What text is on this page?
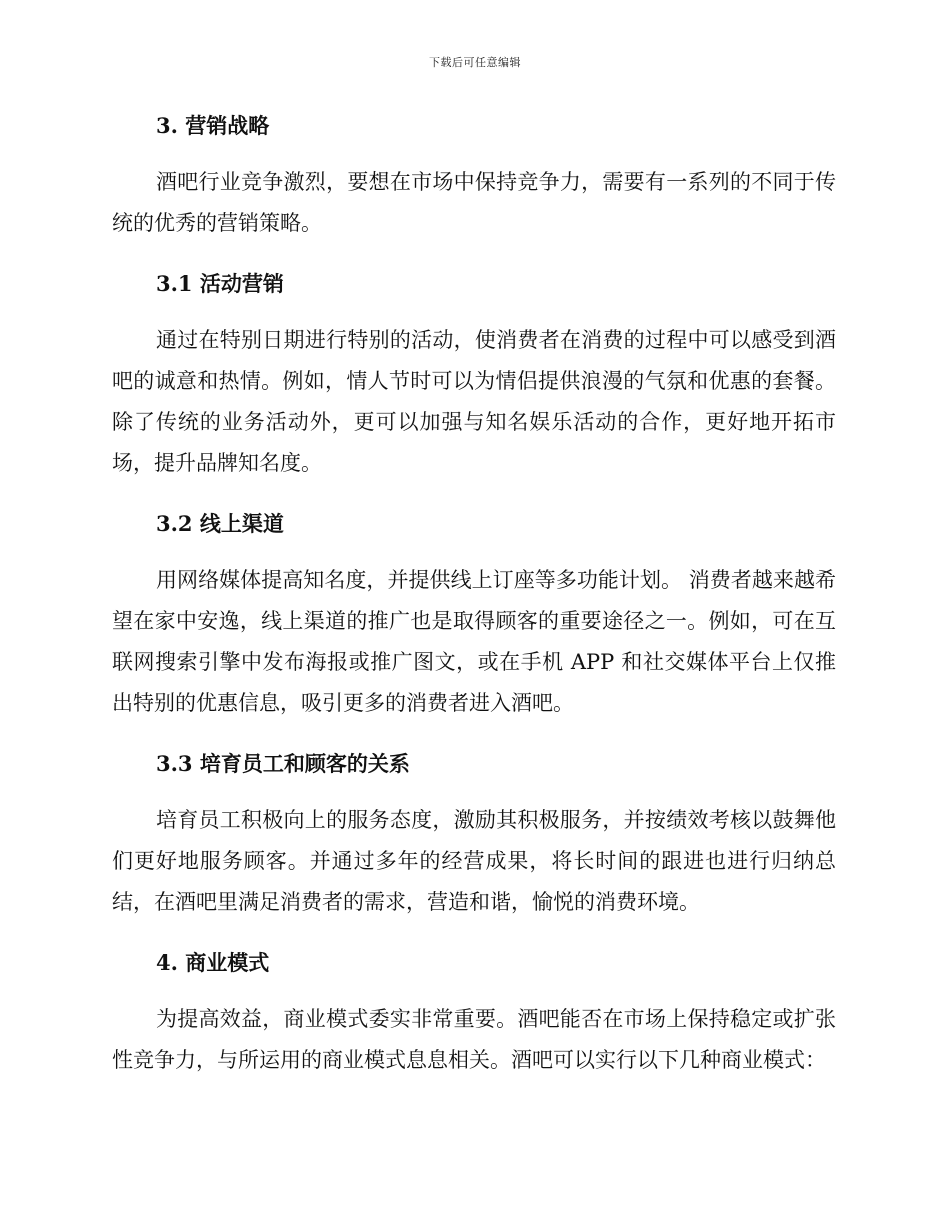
下载后可任意编辑
3. 营销战略

酒吧行业竞争激烈，要想在市场中保持竞争力，需要有一系列的不同于传统的优秀的营销策略。

3.1 活动营销

通过在特别日期进行特别的活动，使消费者在消费的过程中可以感受到酒吧的诚意和热情。例如，情人节时可以为情侣提供浪漫的气氛和优惠的套餐。除了传统的业务活动外，更可以加强与知名娱乐活动的合作，更好地开拓市场，提升品牌知名度。

3.2 线上渠道

用网络媒体提高知名度，并提供线上订座等多功能计划。 消费者越来越希望在家中安逸，线上渠道的推广也是取得顾客的重要途径之一。例如，可在互联网搜索引擎中发布海报或推广图文，或在手机 APP 和社交媒体平台上仅推出特别的优惠信息，吸引更多的消费者进入酒吧。

3.3 培育员工和顾客的关系

培育员工积极向上的服务态度，激励其积极服务，并按绩效考核以鼓舞他们更好地服务顾客。并通过多年的经营成果，将长时间的跟进也进行归纳总结，在酒吧里满足消费者的需求，营造和谐，愉悦的消费环境。

4. 商业模式

为提高效益，商业模式委实非常重要。酒吧能否在市场上保持稳定或扩张性竞争力，与所运用的商业模式息息相关。酒吧可以实行以下几种商业模式：
